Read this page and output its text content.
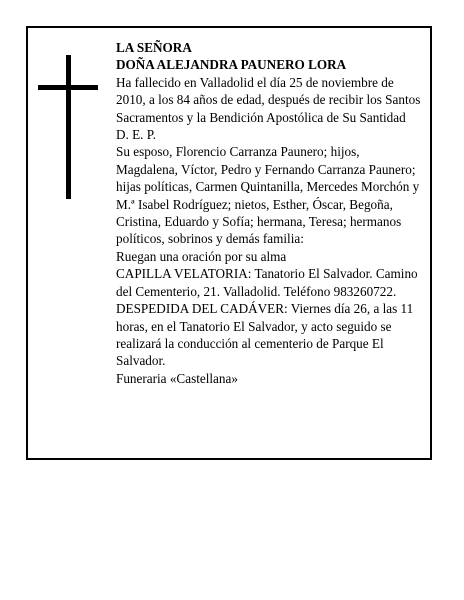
LA SEÑORA

DOÑA ALEJANDRA PAUNERO LORA

Ha fallecido en Valladolid el día 25 de noviembre de 2010, a los 84 años de edad, después de recibir los Santos Sacramentos y la Bendición Apostólica de Su Santidad

D. E. P.

Su esposo, Florencio Carranza Paunero; hijos, Magdalena, Víctor, Pedro y Fernando Carranza Paunero; hijas políticas, Carmen Quintanilla, Mercedes Morchón y M.ª Isabel Rodríguez; nietos, Esther, Óscar, Begoña, Cristina, Eduardo y Sofía; hermana, Teresa; hermanos políticos, sobrinos y demás familia:

Ruegan una oración por su alma

CAPILLA VELATORIA: Tanatorio El Salvador. Camino del Cementerio, 21. Valladolid. Teléfono 983260722.

DESPEDIDA DEL CADÁVER: Viernes día 26, a las 11 horas, en el Tanatorio El Salvador, y acto seguido se realizará la conducción al cementerio de Parque El Salvador.

Funeraria «Castellana»
